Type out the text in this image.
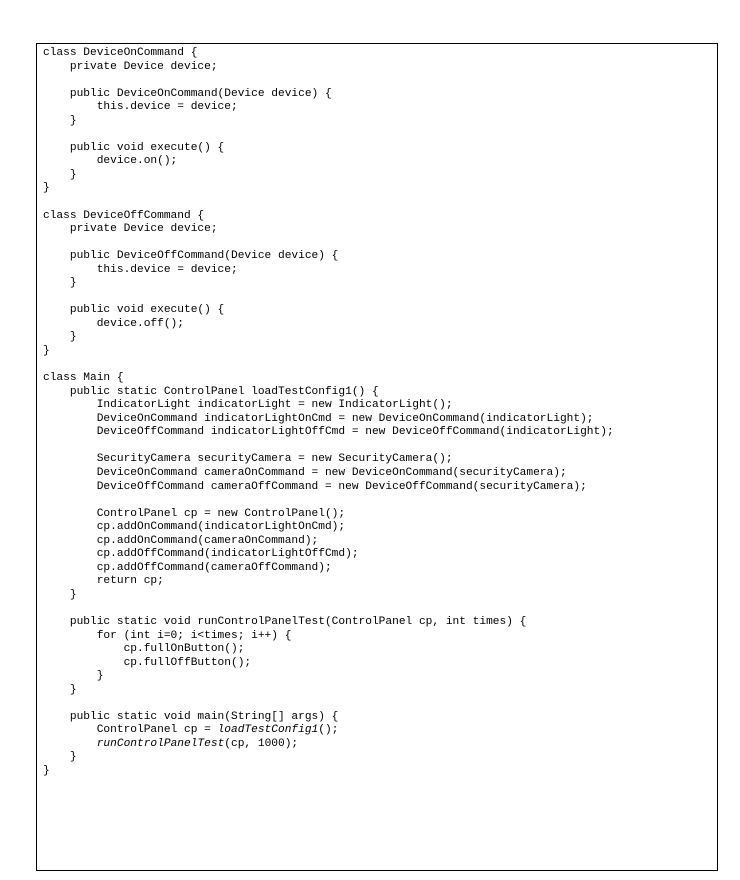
class DeviceOnCommand {
private Device device;
public DeviceOnCommand(Device device) {
this.device = device;
}
public void execute() {
device.on();
}
}
class DeviceOffCommand {
private Device device;
public DeviceOffCommand(Device device) {
this.device = device;
}
public void execute() {
device.off();
}
}
class Main {
public static ControlPanel loadTestConfig1() {
IndicatorLight indicatorLight = new IndicatorLight();
DeviceOnCommand indicatorLightOnCmd = new DeviceOnCommand(indicatorLight);
DeviceOffCommand indicatorLightOffCmd = new DeviceOffCommand(indicatorLight);
SecurityCamera securityCamera = new SecurityCamera();
DeviceOnCommand cameraOnCommand = new DeviceOnCommand(securityCamera);
DeviceOffCommand cameraOffCommand = new DeviceOffCommand(securityCamera);
ControlPanel cp = new ControlPanel();
cp.addOnCommand(indicatorLightOnCmd);
cp.addOnCommand(cameraOnCommand);
cp.addOffCommand(indicatorLightOffCmd);
cp.addOffCommand(cameraOffCommand);
return cp;
}
public static void runControlPanelTest(ControlPanel cp, int times) {
for (int i=0; i<times; i++) {
cp.fullOnButton();
cp.fullOffButton();
}
}
public static void main(String[] args) {
ControlPanel cp = loadTestConfig1();
runControlPanelTest(cp, 1000);
}
}
